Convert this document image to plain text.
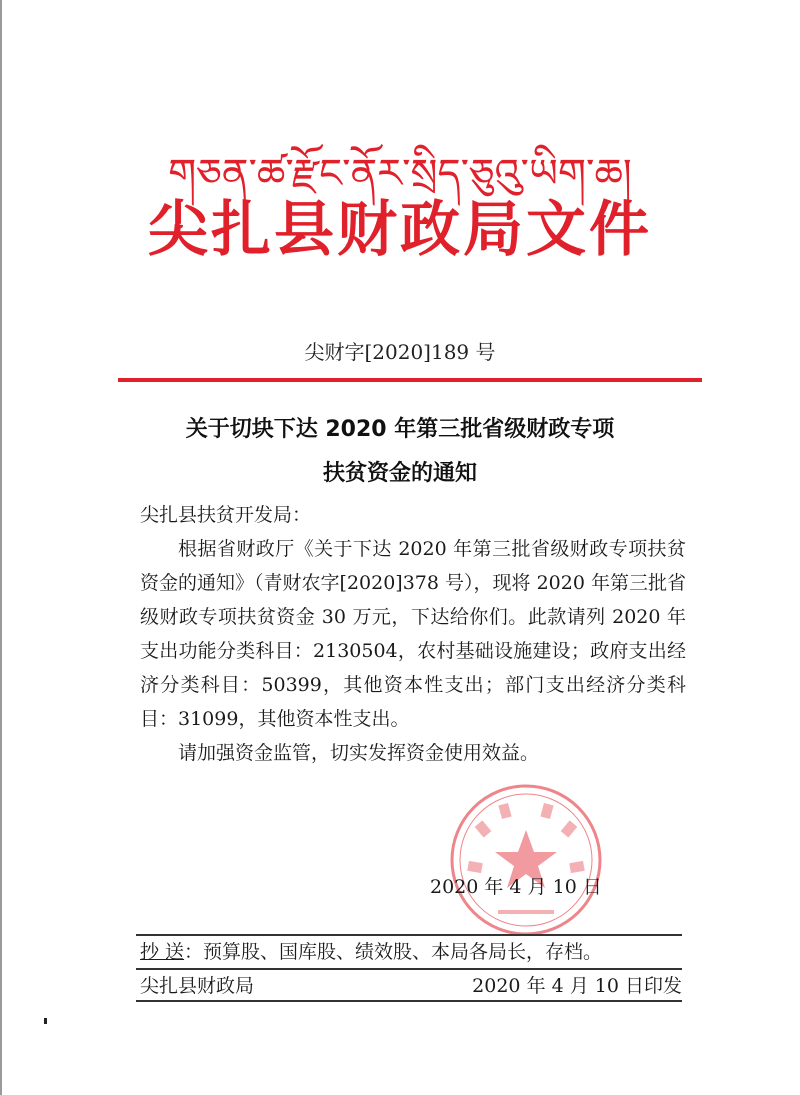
གཅན་ཚ་རྫོང་ནོར་སྲིད་ཅུའུ་ཡིག་ཆ།
尖扎县财政局文件
尖财字[2020]189 号
关于切块下达 2020 年第三批省级财政专项
扶贫资金的通知
尖扎县扶贫开发局：
根据省财政厅《关于下达 2020 年第三批省级财政专项扶贫资金的通知》（青财农字[2020]378 号），现将 2020 年第三批省级财政专项扶贫资金 30 万元，下达给你们。此款请列 2020 年支出功能分类科目：2130504，农村基础设施建设；政府支出经济分类科目：50399，其他资本性支出；部门支出经济分类科目：31099，其他资本性支出。
请加强资金监管，切实发挥资金使用效益。
2020 年 4 月 10 日
抄 送：预算股、国库股、绩效股、本局各局长，存档。
尖扎县财政局	2020 年 4 月 10 日印发
